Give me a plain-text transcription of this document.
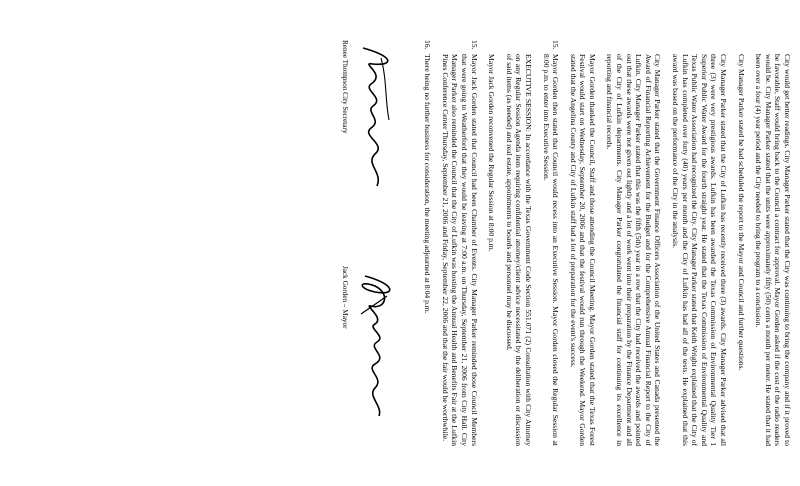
City would get better readings. City Manager Parker stated that the City was continuing to bring the company and if it proved to be favorable, Staff would bring back to the Council a contract for approval. Mayor Gorden asked if the cost of the radio readers would be. City Manager Parker stated that the units were approximately fifty (50) cents a month per meter. He stated that it had been over a four (4) year period and the City needed to bring the program to a conclusion.

City Manager Parker stated he had scheduled the report to the Mayor and Council and further questions.

City Manager Parker stated that the City of Lufkin has recently received three (3) awards. City Manager Parker advised that all three (3) were very prestigious awards. Lufkin has been awarded the Texas Commission of Environmental Quality Tier 1 Superior Public Water Award for the fourth straight year. He stated that the Texas Commission of Environmental Quality and Texas Public Water Association had recognized the City. City Manager Parker stated that Keith Wright explained that the City of Lufkin has completed over forty (40) years per month and the City of Lufkin has had all of the tests. He explained that this award was based on the performance of the City in the analysis.

City Manager Parker stated that the Government Finance Officers Association of the United States and Canada presented the Award of Financial Reporting Achievement for the Budget and for the Comprehensive Annual Financial Report to the City of Lufkin. City Manager Parker stated that this was the fifth (5th) year in a row that the City had received the awards and pointed out that these awards were not given out lightly and a lot of work went into their preparation by the Finance Department and all of the City of Lufkin departments. City Manager Parker congratulated the financial staff for continuing its excellence in reporting and financial records.

Mayor Gorden thanked the Council, Staff and those attending the Council Meeting. Mayor Gorden stated that the Texas Forest Festival would start on Wednesday, September 20, 2006 and that the festival would run through the Weekend. Mayor Gorden stated that the Angelina County and City of Lufkin staff had a lot of preparation for the event's success.

15.
Mayor Gorden then stated that Council would recess into an Executive Session. Mayor Gorden closed the Regular Session at 8:00 p.m. to enter into Executive Session.

EXECUTIVE SESSION: In accordance with the Texas Government Code Section 551.071 (2) Consultation with City Attorney on any Regular Session Agenda item requiring confidential attorney/client advice necessitated by the deliberation or discussion of said items (as needed) and real estate, appointments to boards and personnel may be discussed.

Mayor Jack Gorden reconvened the Regular Session at 8:00 p.m.

15.
Mayor Jack Gorden stated that Council had been Chamber of Events. City Manager Parker reminded those Council Members that were going to Weatherford that they would be leaving at 7:00 a.m. on Thursday, September 21, 2006 from City Hall. City Manager Parker also reminded the Council that the City of Lufkin was hosting the Annual Health and Benefits Fair at the Lufkin Pines Conference Center Thursday, September 21, 2006 and Friday, September 22, 2006 and that the fair would be worthwhile.

16.
There being no further business for consideration, the meeting adjourned at 8:04 p.m.

Jack Gorden – Mayor
Renee Thompson City Secretary
